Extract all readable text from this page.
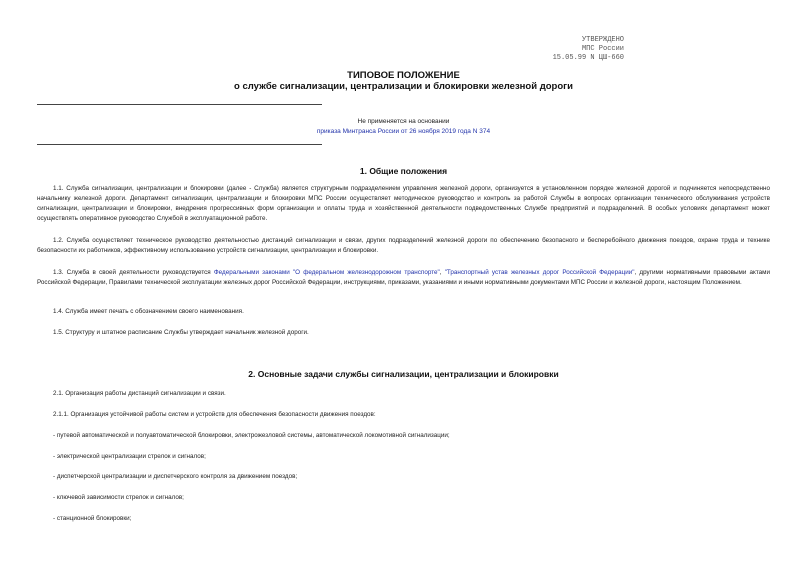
УТВЕРЖДЕНО
МПС России
15.05.99 N ЦШ-660
ТИПОВОЕ ПОЛОЖЕНИЕ
о службе сигнализации, централизации и блокировки железной дороги
Не применяется на основании
приказа Минтранса России от 26 ноября 2019 года N 374
1. Общие положения
1.1. Служба сигнализации, централизации и блокировки (далее - Служба) является структурным подразделением управления железной дороги, организуется в установленном порядке железной дорогой и подчиняется непосредственно начальнику железной дороги. Департамент сигнализации, централизации и блокировки МПС России осуществляет методическое руководство и контроль за работой Службы в вопросах организации технического обслуживания устройств сигнализации, централизации и блокировки, внедрения прогрессивных форм организации и оплаты труда и хозяйственной деятельности подведомственных Службе предприятий и подразделений. В особых условиях департамент может осуществлять оперативное руководство Службой в эксплуатационной работе.
1.2. Служба осуществляет техническое руководство деятельностью дистанций сигнализации и связи, других подразделений железной дороги по обеспечению безопасного и бесперебойного движения поездов, охране труда и технике безопасности их работников, эффективному использованию устройств сигнализации, централизации и блокировки.
1.3. Служба в своей деятельности руководствуется Федеральными законами "О федеральном железнодорожном транспорте", "Транспортный устав железных дорог Российской Федерации", другими нормативными правовыми актами Российской Федерации, Правилами технической эксплуатации железных дорог Российской Федерации, инструкциями, приказами, указаниями и иными нормативными документами МПС России и железной дороги, настоящим Положением.
1.4. Служба имеет печать с обозначением своего наименования.
1.5. Структуру и штатное расписание Службы утверждает начальник железной дороги.
2. Основные задачи службы сигнализации, централизации и блокировки
2.1. Организация работы дистанций сигнализации и связи.
2.1.1. Организация устойчивой работы систем и устройств для обеспечения безопасности движения поездов:
- путевой автоматической и полуавтоматической блокировки, электрожезловой системы, автоматической локомотивной сигнализации;
- электрической централизации стрелок и сигналов;
- диспетчерской централизации и диспетчерского контроля за движением поездов;
- ключевой зависимости стрелок и сигналов;
- станционной блокировки;
